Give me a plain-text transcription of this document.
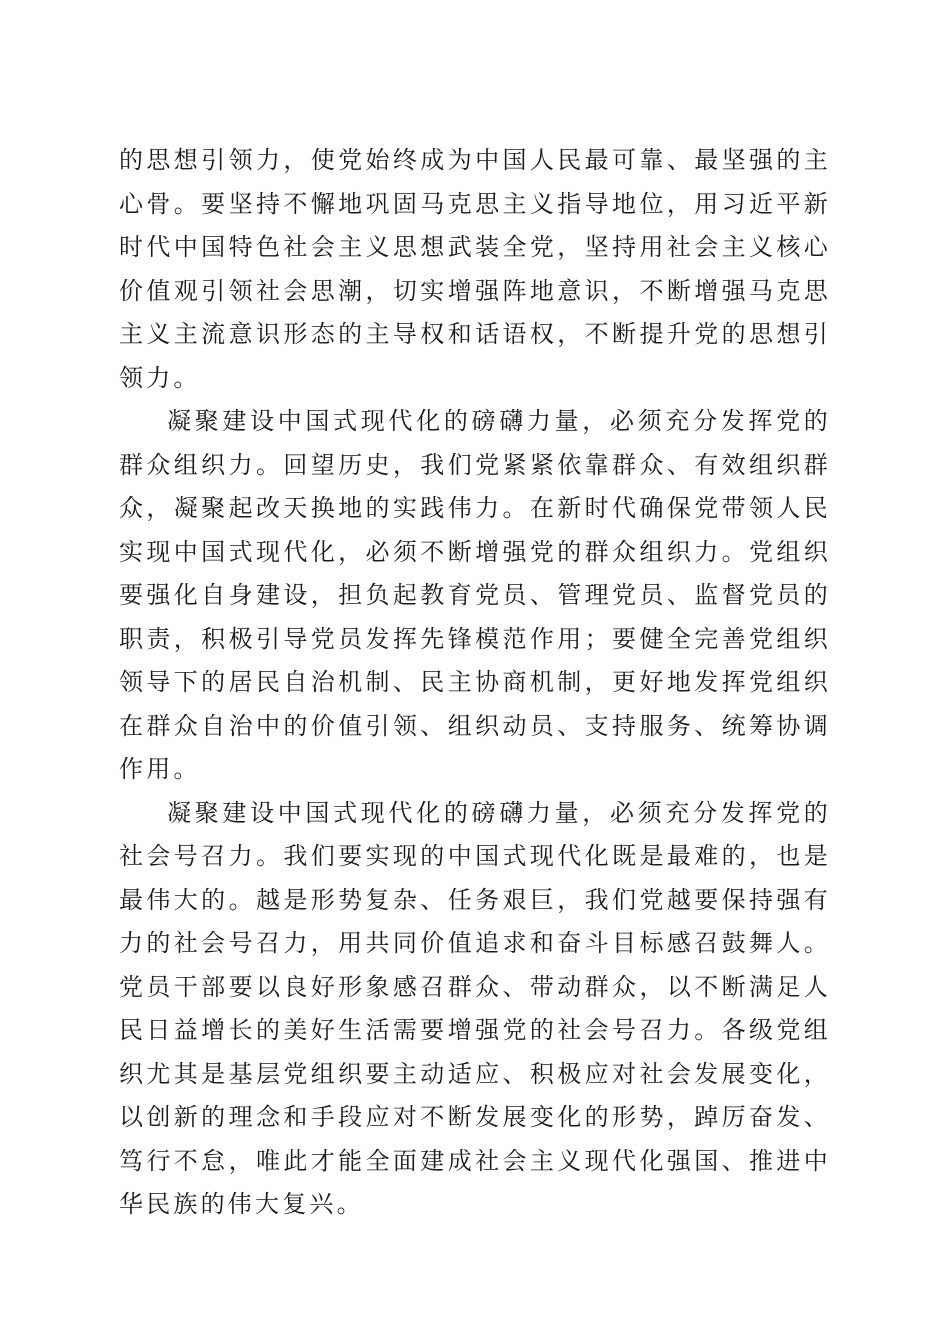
的思想引领力，使党始终成为中国人民最可靠、最坚强的主心骨。要坚持不懈地巩固马克思主义指导地位，用习近平新时代中国特色社会主义思想武装全党，坚持用社会主义核心价值观引领社会思潮，切实增强阵地意识，不断增强马克思主义主流意识形态的主导权和话语权，不断提升党的思想引领力。

凝聚建设中国式现代化的磅礴力量，必须充分发挥党的群众组织力。回望历史，我们党紧紧依靠群众、有效组织群众，凝聚起改天换地的实践伟力。在新时代确保党带领人民实现中国式现代化，必须不断增强党的群众组织力。党组织要强化自身建设，担负起教育党员、管理党员、监督党员的职责，积极引导党员发挥先锋模范作用；要健全完善党组织领导下的居民自治机制、民主协商机制，更好地发挥党组织在群众自治中的价值引领、组织动员、支持服务、统筹协调作用。

凝聚建设中国式现代化的磅礴力量，必须充分发挥党的社会号召力。我们要实现的中国式现代化既是最难的，也是最伟大的。越是形势复杂、任务艰巨，我们党越要保持强有力的社会号召力，用共同价值追求和奋斗目标感召鼓舞人。党员干部要以良好形象感召群众、带动群众，以不断满足人民日益增长的美好生活需要增强党的社会号召力。各级党组织尤其是基层党组织要主动适应、积极应对社会发展变化，以创新的理念和手段应对不断发展变化的形势，踔厉奋发、笃行不怠，唯此才能全面建成社会主义现代化强国、推进中华民族的伟大复兴。
